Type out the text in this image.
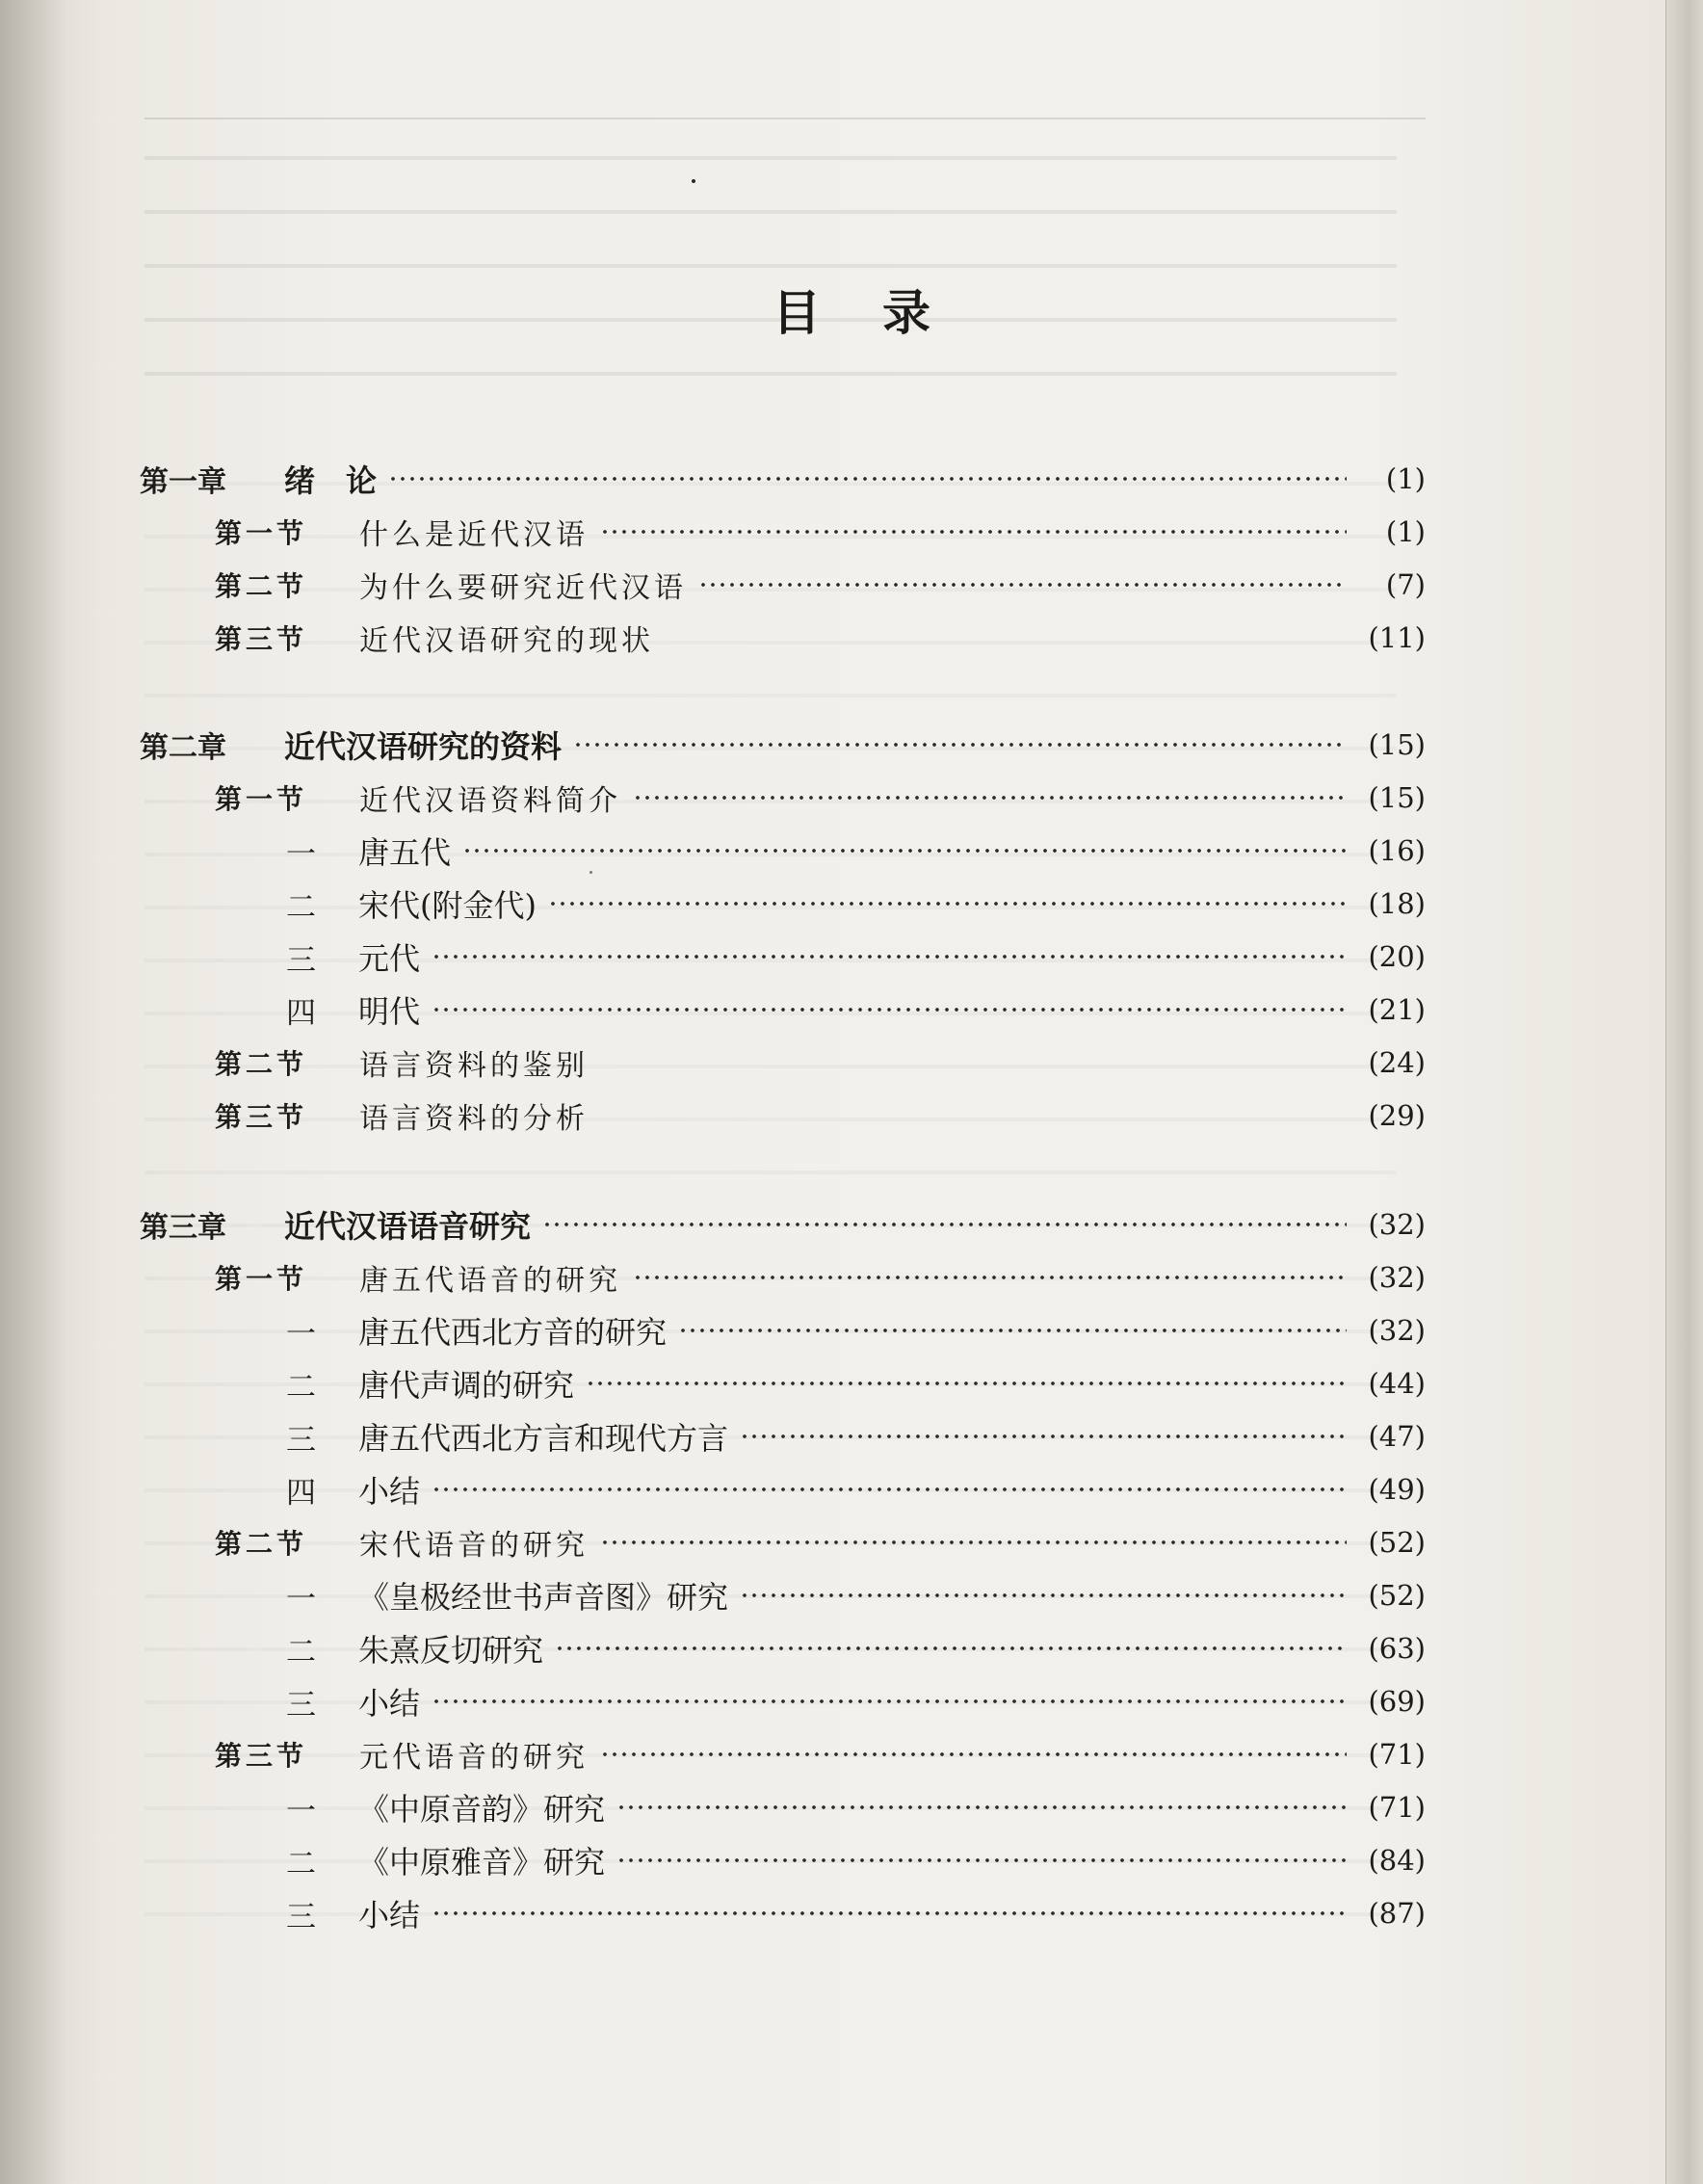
目 录
第一章	绪　论	(1)
第一节	什么是近代汉语	(1)
第二节	为什么要研究近代汉语	(7)
第三节	近代汉语研究的现状	(11)
第二章	近代汉语研究的资料	(15)
第一节	近代汉语资料简介	(15)
一	唐五代	(16)
二	宋代(附金代)	(18)
三	元代	(20)
四	明代	(21)
第二节	语言资料的鉴别	(24)
第三节	语言资料的分析	(29)
第三章	近代汉语语音研究	(32)
第一节	唐五代语音的研究	(32)
一	唐五代西北方音的研究	(32)
二	唐代声调的研究	(44)
三	唐五代西北方言和现代方言	(47)
四	小结	(49)
第二节	宋代语音的研究	(52)
一	《皇极经世书声音图》研究	(52)
二	朱熹反切研究	(63)
三	小结	(69)
第三节	元代语音的研究	(71)
一	《中原音韵》研究	(71)
二	《中原雅音》研究	(84)
三	小结	(87)
